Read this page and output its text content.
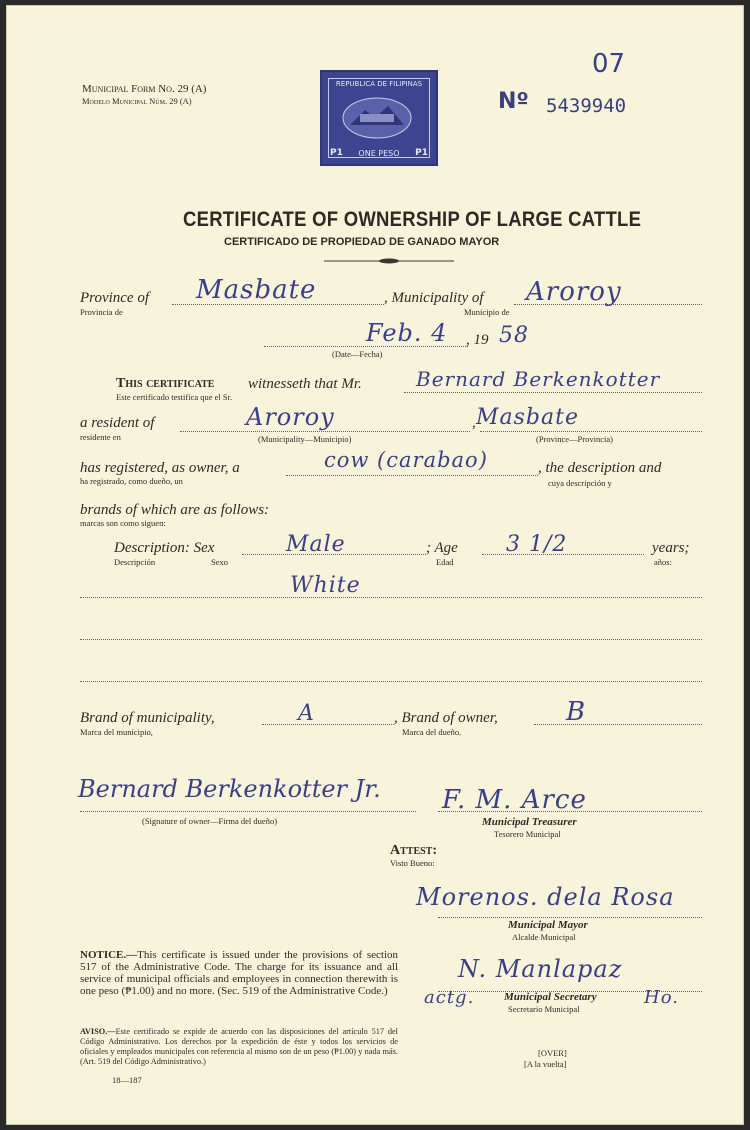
Municipal Form No. 29 (A)
Modelo Municipal Núm. 29 (A)
REPUBLICA DE FILIPINAS
P1	ONE PESO	P1
07
Nº 5439940
CERTIFICATE OF OWNERSHIP OF LARGE CATTLE
CERTIFICADO DE PROPIEDAD DE GANADO MAYOR
Province of
Provincia de
Masbate	, Municipality of
Municipio de
Aroroy
Feb. 4 , 19 58
(Date—Fecha)
This certificate witnesseth that Mr.
Este certificado testifica que el Sr.
Bernard Berkenkotter
a resident of
residente en
Aroroy
(Municipality—Municipio)
, Masbate
(Province—Provincia)
has registered, as owner, a
ha registrado, como dueño, un
cow (carabao)	, the description and
cuya descripción y
brands of which are as follows:
marcas son como siguen:
Description: Sex
Descripción	Sexo
Male	; Age
Edad
3 1/2	years;
años:
White
Brand of municipality,
Marca del municipio,
A	, Brand of owner,
Marca del dueño.
B
Bernard Berkenkotter Jr.
(Signature of owner—Firma del dueño)
F. M. Arce
Municipal Treasurer
Tesorero Municipal
Attest:
Visto Bueno:
Morenos. dela Rosa
Municipal Mayor
Alcalde Municipal
N. Manlapaz
actg.	Ho.
Municipal Secretary
Secretario Municipal
NOTICE.—This certificate is issued under the provisions of section 517 of the Administrative Code. The charge for its issuance and all service of municipal officials and employees in connection therewith is one peso (₱1.00) and no more. (Sec. 519 of the Administrative Code.)
AVISO.—Este certificado se expide de acuerdo con las disposiciones del artículo 517 del Código Administrativo. Los derechos por la expedición de éste y todos los servicios de oficiales y empleados municipales con referencia al mismo son de un peso (₱1.00) y nada más. (Art. 519 del Código Administrativo.)
18—187
[OVER]
[A la vuelta]
